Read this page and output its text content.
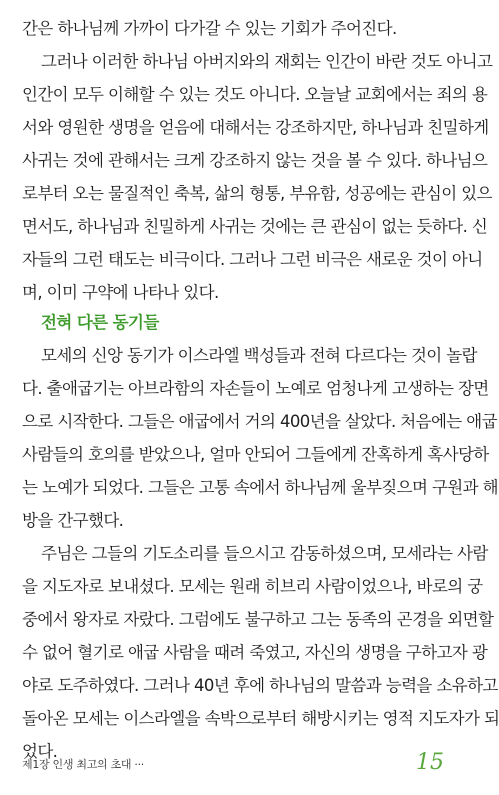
간은 하나님께 가까이 다가갈 수 있는 기회가 주어진다.
그러나 이러한 하나님 아버지와의 재회는 인간이 바란 것도 아니고
인간이 모두 이해할 수 있는 것도 아니다. 오늘날 교회에서는 죄의 용
서와 영원한 생명을 얻음에 대해서는 강조하지만, 하나님과 친밀하게
사귀는 것에 관해서는 크게 강조하지 않는 것을 볼 수 있다. 하나님으
로부터 오는 물질적인 축복, 삶의 형통, 부유함, 성공에는 관심이 있으
면서도, 하나님과 친밀하게 사귀는 것에는 큰 관심이 없는 듯하다. 신
자들의 그런 태도는 비극이다. 그러나 그런 비극은 새로운 것이 아니
며, 이미 구약에 나타나 있다.
전혀 다른 동기들
모세의 신앙 동기가 이스라엘 백성들과 전혀 다르다는 것이 놀랍
다. 출애굽기는 아브라함의 자손들이 노예로 엄청나게 고생하는 장면
으로 시작한다. 그들은 애굽에서 거의 400년을 살았다. 처음에는 애굽
사람들의 호의를 받았으나, 얼마 안되어 그들에게 잔혹하게 혹사당하
는 노예가 되었다. 그들은 고통 속에서 하나님께 울부짖으며 구원과 해
방을 간구했다.
주님은 그들의 기도소리를 들으시고 감동하셨으며, 모세라는 사람
을 지도자로 보내셨다. 모세는 원래 히브리 사람이었으나, 바로의 궁
중에서 왕자로 자랐다. 그럼에도 불구하고 그는 동족의 곤경을 외면할
수 없어 혈기로 애굽 사람을 때려 죽였고, 자신의 생명을 구하고자 광
야로 도주하였다. 그러나 40년 후에 하나님의 말씀과 능력을 소유하고
돌아온 모세는 이스라엘을 속박으로부터 해방시키는 영적 지도자가 되
었다.
제1장 인생 최고의 초대 ···	15
